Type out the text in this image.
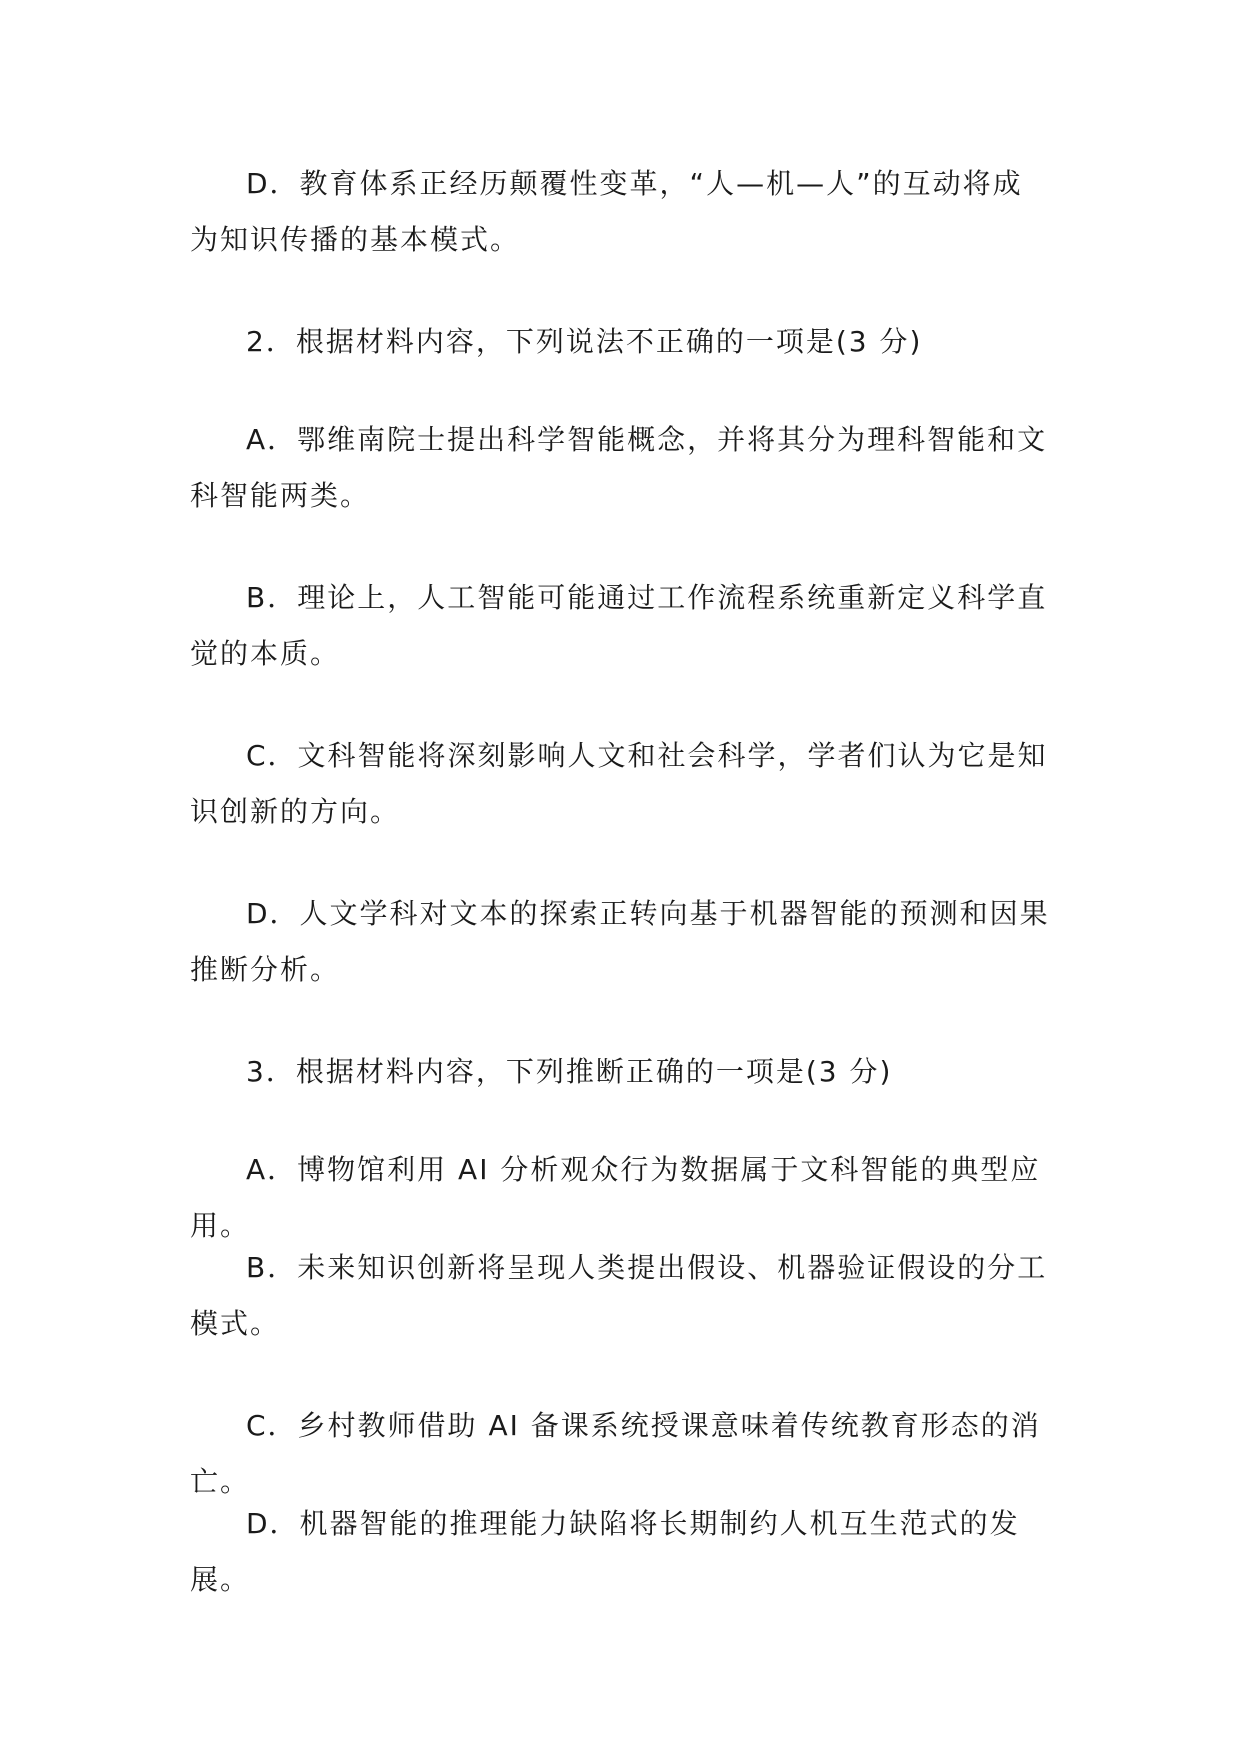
D．教育体系正经历颠覆性变革，“人—机—人”的互动将成为知识传播的基本模式。

2．根据材料内容，下列说法不正确的一项是(3 分)

A．鄂维南院士提出科学智能概念，并将其分为理科智能和文科智能两类。

B．理论上，人工智能可能通过工作流程系统重新定义科学直觉的本质。

C．文科智能将深刻影响人文和社会科学，学者们认为它是知识创新的方向。

D．人文学科对文本的探索正转向基于机器智能的预测和因果推断分析。

3．根据材料内容，下列推断正确的一项是(3 分)

A．博物馆利用 AI 分析观众行为数据属于文科智能的典型应用。

B．未来知识创新将呈现人类提出假设、机器验证假设的分工模式。

C．乡村教师借助 AI 备课系统授课意味着传统教育形态的消亡。

D．机器智能的推理能力缺陷将长期制约人机互生范式的发展。
